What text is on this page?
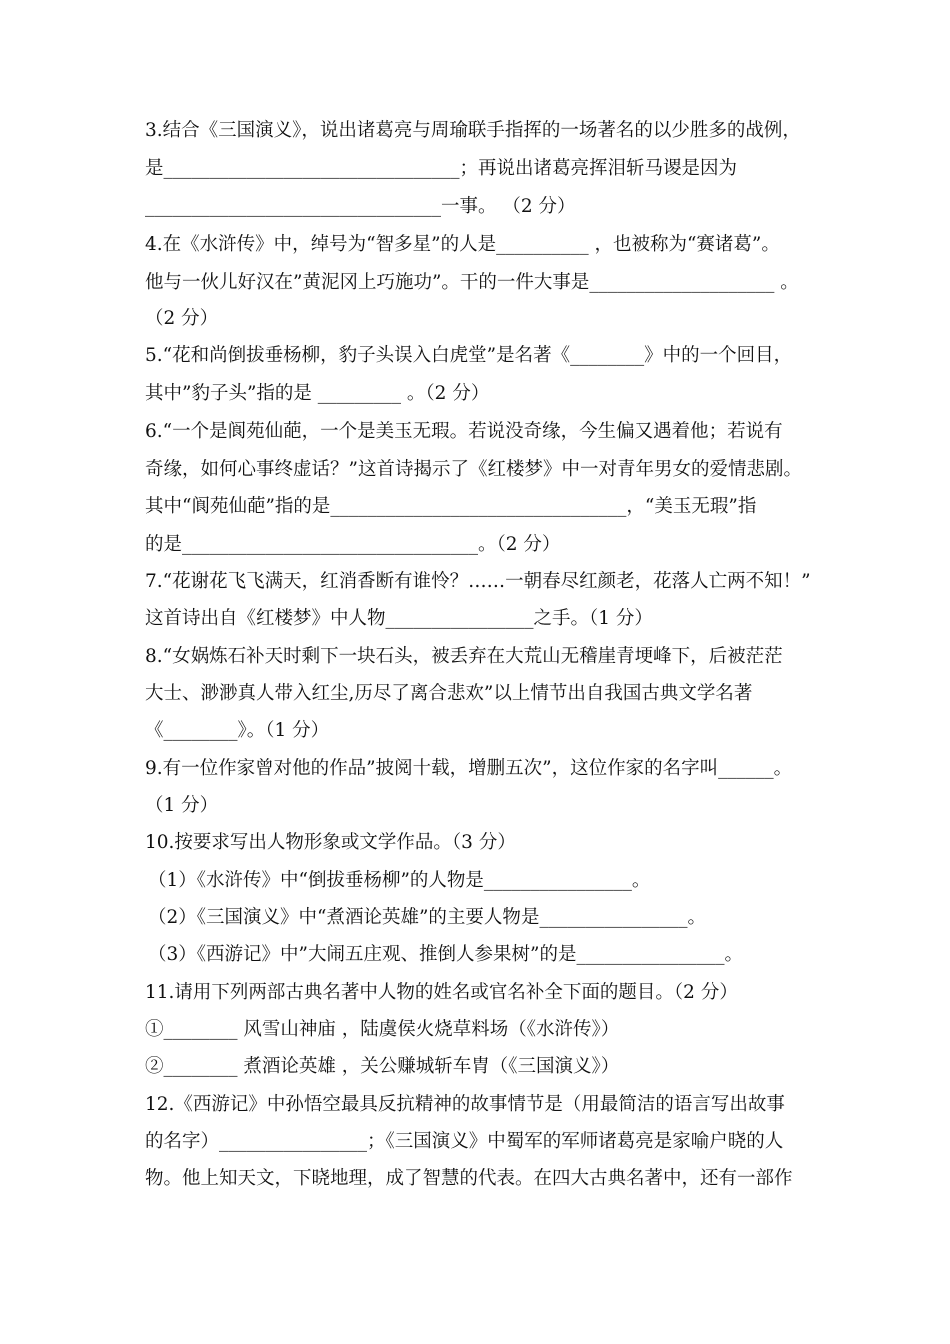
3.结合《三国演义》，说出诸葛亮与周瑜联手指挥的一场著名的以少胜多的战例，
是________________________________；再说出诸葛亮挥泪斩马谡是因为
________________________________一事。 （2 分）
4.在《水浒传》中，绰号为“智多星”的人是__________ ，也被称为“赛诸葛”。
他与一伙儿好汉在”黄泥冈上巧施功”。干的一件大事是____________________ 。
（2 分）
5.“花和尚倒拔垂杨柳，豹子头误入白虎堂”是名著《________》中的一个回目，
其中”豹子头”指的是 _________ 。（2 分）
6.“一个是阆苑仙葩，一个是美玉无瑕。若说没奇缘，今生偏又遇着他；若说有
奇缘，如何心事终虚话？”这首诗揭示了《红楼梦》中一对青年男女的爱情悲剧。
其中“阆苑仙葩”指的是________________________________，“美玉无瑕”指
的是________________________________。（2 分）
7.“花谢花飞飞满天，红消香断有谁怜？……一朝春尽红颜老，花落人亡两不知！”
这首诗出自《红楼梦》中人物________________之手。（1 分）
8.“女娲炼石补天时剩下一块石头，被丢弃在大荒山无稽崖青埂峰下，后被茫茫
大士、渺渺真人带入红尘,历尽了离合悲欢”以上情节出自我国古典文学名著
《________》。（1 分）
9.有一位作家曾对他的作品”披阅十载，增删五次”，这位作家的名字叫______。
（1 分）
10.按要求写出人物形象或文学作品。（3 分）
（1）《水浒传》中“倒拔垂杨柳”的人物是________________。
（2）《三国演义》中“煮酒论英雄”的主要人物是________________。
（3）《西游记》中”大闹五庄观、推倒人参果树”的是________________。
11.请用下列两部古典名著中人物的姓名或官名补全下面的题目。（2 分）
①________ 风雪山神庙 ，陆虞侯火烧草料场（《水浒传》）
②________ 煮酒论英雄 ，关公赚城斩车胄（《三国演义》）
12.《西游记》中孙悟空最具反抗精神的故事情节是（用最简洁的语言写出故事
的名字）________________；《三国演义》中蜀军的军师诸葛亮是家喻户晓的人
物。他上知天文，下晓地理，成了智慧的代表。在四大古典名著中，还有一部作
